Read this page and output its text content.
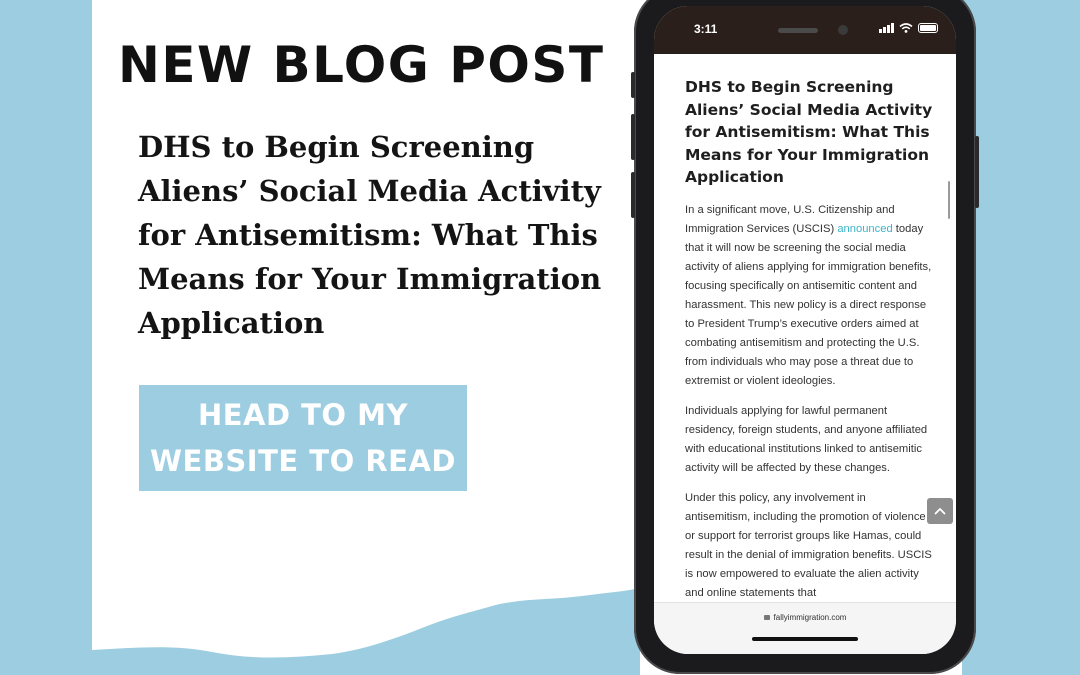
NEW BLOG POST
DHS to Begin Screening Aliens’ Social Media Activity for Antisemitism: What This Means for Your Immigration Application
HEAD TO MY WEBSITE TO READ
3:11
DHS to Begin Screening Aliens’ Social Media Activity for Antisemitism: What This Means for Your Immigration Application

In a significant move, U.S. Citizenship and Immigration Services (USCIS) announced today that it will now be screening the social media activity of aliens applying for immigration benefits, focusing specifically on antisemitic content and harassment. This new policy is a direct response to President Trump’s executive orders aimed at combating antisemitism and protecting the U.S. from individuals who may pose a threat due to extremist or violent ideologies.

Individuals applying for lawful permanent residency, foreign students, and anyone affiliated with educational institutions linked to antisemitic activity will be affected by these changes.

Under this policy, any involvement in antisemitism, including the promotion of violence or support for terrorist groups like Hamas, could result in the denial of immigration benefits. USCIS is now empowered to evaluate the alien activity and online statements that

fallyimmigration.com
